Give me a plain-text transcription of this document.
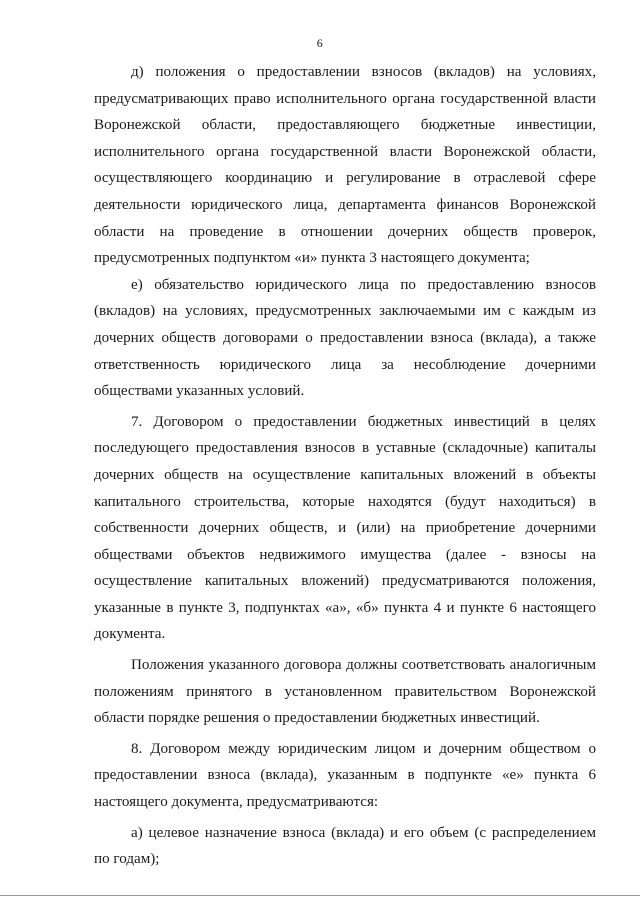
6

д) положения о предоставлении взносов (вкладов) на условиях, предусматривающих право исполнительного органа государственной власти Воронежской области, предоставляющего бюджетные инвестиции, исполнительного органа государственной власти Воронежской области, осуществляющего координацию и регулирование в отраслевой сфере деятельности юридического лица, департамента финансов Воронежской области на проведение в отношении дочерних обществ проверок, предусмотренных подпунктом «и» пункта 3 настоящего документа;

е) обязательство юридического лица по предоставлению взносов (вкладов) на условиях, предусмотренных заключаемыми им с каждым из дочерних обществ договорами о предоставлении взноса (вклада), а также ответственность юридического лица за несоблюдение дочерними обществами указанных условий.

7. Договором о предоставлении бюджетных инвестиций в целях последующего предоставления взносов в уставные (складочные) капиталы дочерних обществ на осуществление капитальных вложений в объекты капитального строительства, которые находятся (будут находиться) в собственности дочерних обществ, и (или) на приобретение дочерними обществами объектов недвижимого имущества (далее - взносы на осуществление капитальных вложений) предусматриваются положения, указанные в пункте 3, подпунктах «а», «б» пункта 4 и пункте 6 настоящего документа.

Положения указанного договора должны соответствовать аналогичным положениям принятого в установленном правительством Воронежской области порядке решения о предоставлении бюджетных инвестиций.

8. Договором между юридическим лицом и дочерним обществом о предоставлении взноса (вклада), указанным в подпункте «е» пункта 6 настоящего документа, предусматриваются:

а) целевое назначение взноса (вклада) и его объем (с распределением по годам);
